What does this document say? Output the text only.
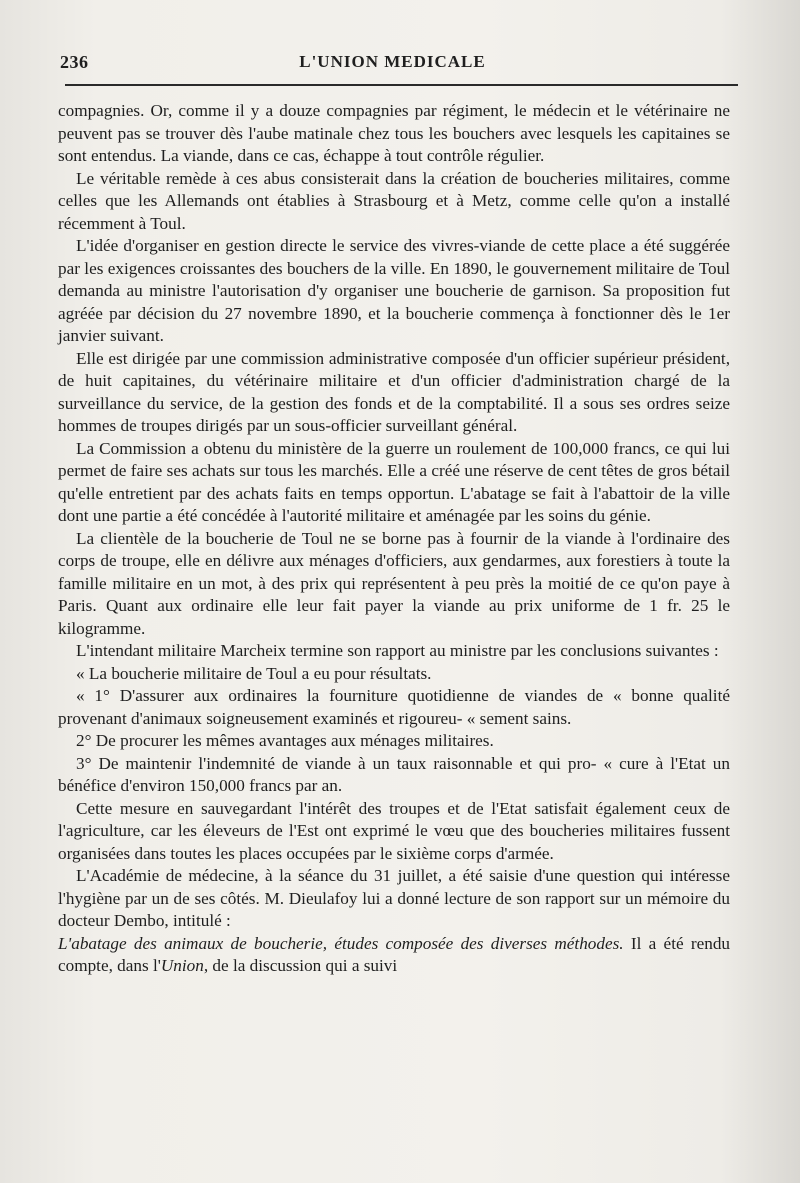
236	L'UNION MEDICALE

compagnies. Or, comme il y a douze compagnies par régiment, le médecin et le vétérinaire ne peuvent pas se trouver dès l'aube matinale chez tous les bouchers avec lesquels les capitaines se sont entendus. La viande, dans ce cas, échappe à tout contrôle régulier.

Le véritable remède à ces abus consisterait dans la création de boucheries militaires, comme celles que les Allemands ont établies à Strasbourg et à Metz, comme celle qu'on a installé récemment à Toul.

L'idée d'organiser en gestion directe le service des vivres-viande de cette place a été suggérée par les exigences croissantes des bouchers de la ville. En 1890, le gouvernement militaire de Toul demanda au ministre l'autorisation d'y organiser une boucherie de garnison. Sa proposition fut agréée par décision du 27 novembre 1890, et la boucherie commença à fonctionner dès le 1er janvier suivant.

Elle est dirigée par une commission administrative composée d'un officier supérieur président, de huit capitaines, du vétérinaire militaire et d'un officier d'administration chargé de la surveillance du service, de la gestion des fonds et de la comptabilité. Il a sous ses ordres seize hommes de troupes dirigés par un sous-officier surveillant général.

La Commission a obtenu du ministère de la guerre un roulement de 100,000 francs, ce qui lui permet de faire ses achats sur tous les marchés. Elle a créé une réserve de cent têtes de gros bétail qu'elle entretient par des achats faits en temps opportun. L'abatage se fait à l'abattoir de la ville dont une partie a été concédée à l'autorité militaire et aménagée par les soins du génie.

La clientèle de la boucherie de Toul ne se borne pas à fournir de la viande à l'ordinaire des corps de troupe, elle en délivre aux ménages d'officiers, aux gendarmes, aux forestiers à toute la famille militaire en un mot, à des prix qui représentent à peu près la moitié de ce qu'on paye à Paris. Quant aux ordinaire elle leur fait payer la viande au prix uniforme de 1 fr. 25 le kilogramme.

L'intendant militaire Marcheix termine son rapport au ministre par les conclusions suivantes :

« La boucherie militaire de Toul a eu pour résultats.

« 1° D'assurer aux ordinaires la fourniture quotidienne de viandes de « bonne qualité provenant d'animaux soigneusement examinés et rigoureu- « sement sains.

2° De procurer les mêmes avantages aux ménages militaires.

3° De maintenir l'indemnité de viande à un taux raisonnable et qui pro- « cure à l'Etat un bénéfice d'environ 150,000 francs par an.

Cette mesure en sauvegardant l'intérêt des troupes et de l'Etat satisfait également ceux de l'agriculture, car les éleveurs de l'Est ont exprimé le vœu que des boucheries militaires fussent organisées dans toutes les places occupées par le sixième corps d'armée.

L'Académie de médecine, à la séance du 31 juillet, a été saisie d'une question qui intéresse l'hygiène par un de ses côtés. M. Dieulafoy lui a donné lecture de son rapport sur un mémoire du docteur Dembo, intitulé :

L'abatage des animaux de boucherie, études composée des diverses méthodes. Il a été rendu compte, dans l'Union, de la discussion qui a suivi
